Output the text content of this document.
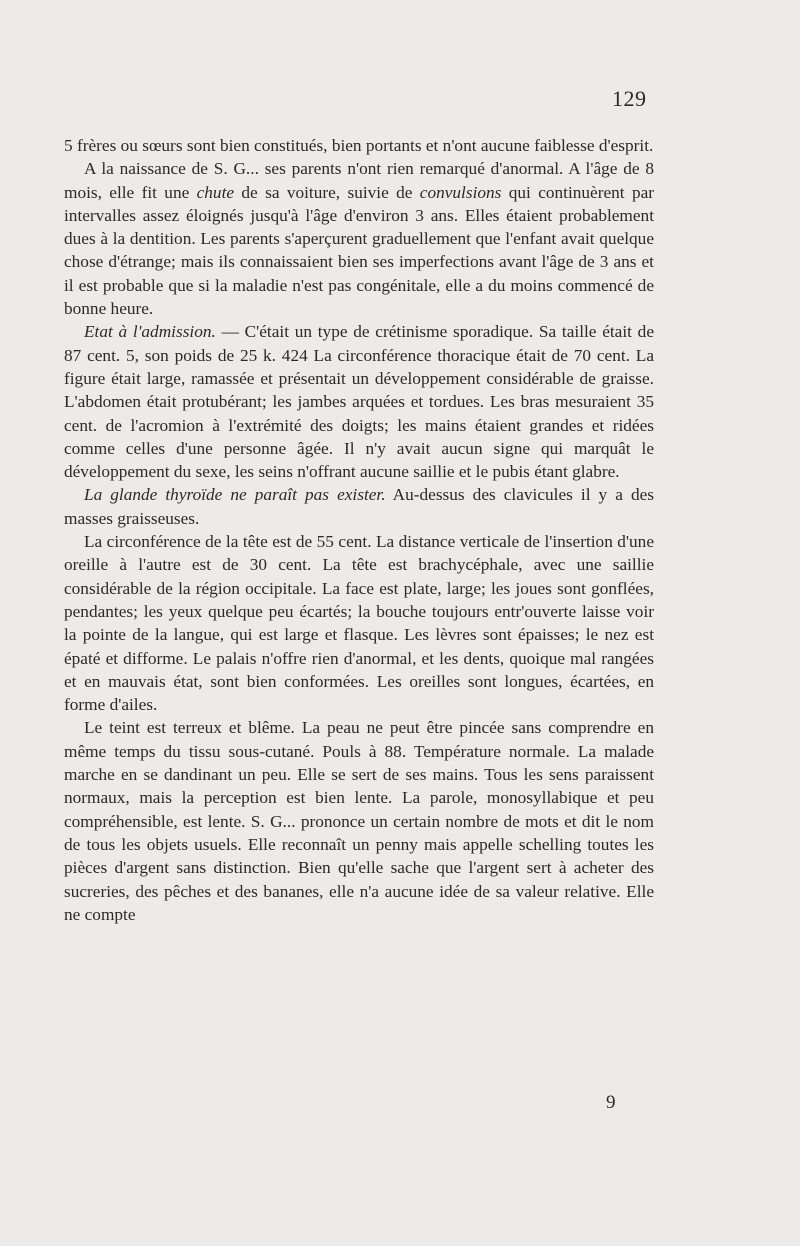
129

5 frères ou sœurs sont bien constitués, bien portants et n'ont aucune faiblesse d'esprit.

A la naissance de S. G... ses parents n'ont rien remarqué d'anormal. A l'âge de 8 mois, elle fit une chute de sa voiture, suivie de convulsions qui continuèrent par intervalles assez éloignés jusqu'à l'âge d'environ 3 ans. Elles étaient probablement dues à la dentition. Les parents s'aperçurent graduellement que l'enfant avait quelque chose d'étrange; mais ils connaissaient bien ses imperfections avant l'âge de 3 ans et il est probable que si la maladie n'est pas congénitale, elle a du moins commencé de bonne heure.

Etat à l'admission. — C'était un type de crétinisme sporadique. Sa taille était de 87 cent. 5, son poids de 25 k. 424 La circonférence thoracique était de 70 cent. La figure était large, ramassée et présentait un développement considérable de graisse. L'abdomen était protubérant; les jambes arquées et tordues. Les bras mesuraient 35 cent. de l'acromion à l'extrémité des doigts; les mains étaient grandes et ridées comme celles d'une personne âgée. Il n'y avait aucun signe qui marquât le développement du sexe, les seins n'offrant aucune saillie et le pubis étant glabre.

La glande thyroïde ne paraît pas exister. Au-dessus des clavicules il y a des masses graisseuses.

La circonférence de la tête est de 55 cent. La distance verticale de l'insertion d'une oreille à l'autre est de 30 cent. La tête est brachycéphale, avec une saillie considérable de la région occipitale. La face est plate, large; les joues sont gonflées, pendantes; les yeux quelque peu écartés; la bouche toujours entr'ouverte laisse voir la pointe de la langue, qui est large et flasque. Les lèvres sont épaisses; le nez est épaté et difforme. Le palais n'offre rien d'anormal, et les dents, quoique mal rangées et en mauvais état, sont bien conformées. Les oreilles sont longues, écartées, en forme d'ailes.

Le teint est terreux et blême. La peau ne peut être pincée sans comprendre en même temps du tissu sous-cutané. Pouls à 88. Température normale. La malade marche en se dandinant un peu. Elle se sert de ses mains. Tous les sens paraissent normaux, mais la perception est bien lente. La parole, monosyllabique et peu compréhensible, est lente. S. G... prononce un certain nombre de mots et dit le nom de tous les objets usuels. Elle reconnaît un penny mais appelle schelling toutes les pièces d'argent sans distinction. Bien qu'elle sache que l'argent sert à acheter des sucreries, des pêches et des bananes, elle n'a aucune idée de sa valeur relative. Elle ne compte

9
